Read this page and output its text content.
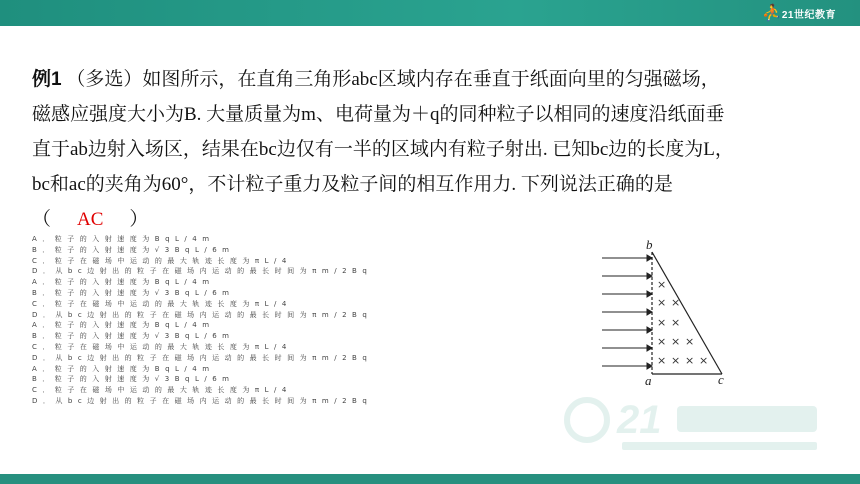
⛹ 21世纪教育

例1 （多选）如图所示，在直角三角形abc区域内存在垂直于纸面向里的匀强磁场，

磁感应强度大小为B. 大量质量为m、电荷量为＋q的同种粒子以相同的速度沿纸面垂

直于ab边射入场区，结果在bc边仅有一半的区域内有粒子射出. 已知bc边的长度为L，

bc和ac的夹角为60°，不计粒子重力及粒子间的相互作用力. 下列说法正确的是

（ AC ）

A．粒子的入射速度为BqL/4m
B．粒子的入射速度为√3BqL/6m
C．粒子在磁场中运动的最大轨迹长度为πL/4
D．从bc边射出的粒子在磁场内运动的最长时间为πm/2Bq
A．粒子的入射速度为BqL/4m
B．粒子的入射速度为√3BqL/6m
C．粒子在磁场中运动的最大轨迹长度为πL/4
D．从bc边射出的粒子在磁场内运动的最长时间为πm/2Bq
A．粒子的入射速度为BqL/4m
B．粒子的入射速度为√3BqL/6m
C．粒子在磁场中运动的最大轨迹长度为πL/4
D．从bc边射出的粒子在磁场内运动的最长时间为πm/2Bq
A．粒子的入射速度为BqL/4m
B．粒子的入射速度为√3BqL/6m
C．粒子在磁场中运动的最大轨迹长度为πL/4
D．从bc边射出的粒子在磁场内运动的最长时间为πm/2Bq
×
× ×
× ×
× × ×
× × × ×
b
a	c
21
